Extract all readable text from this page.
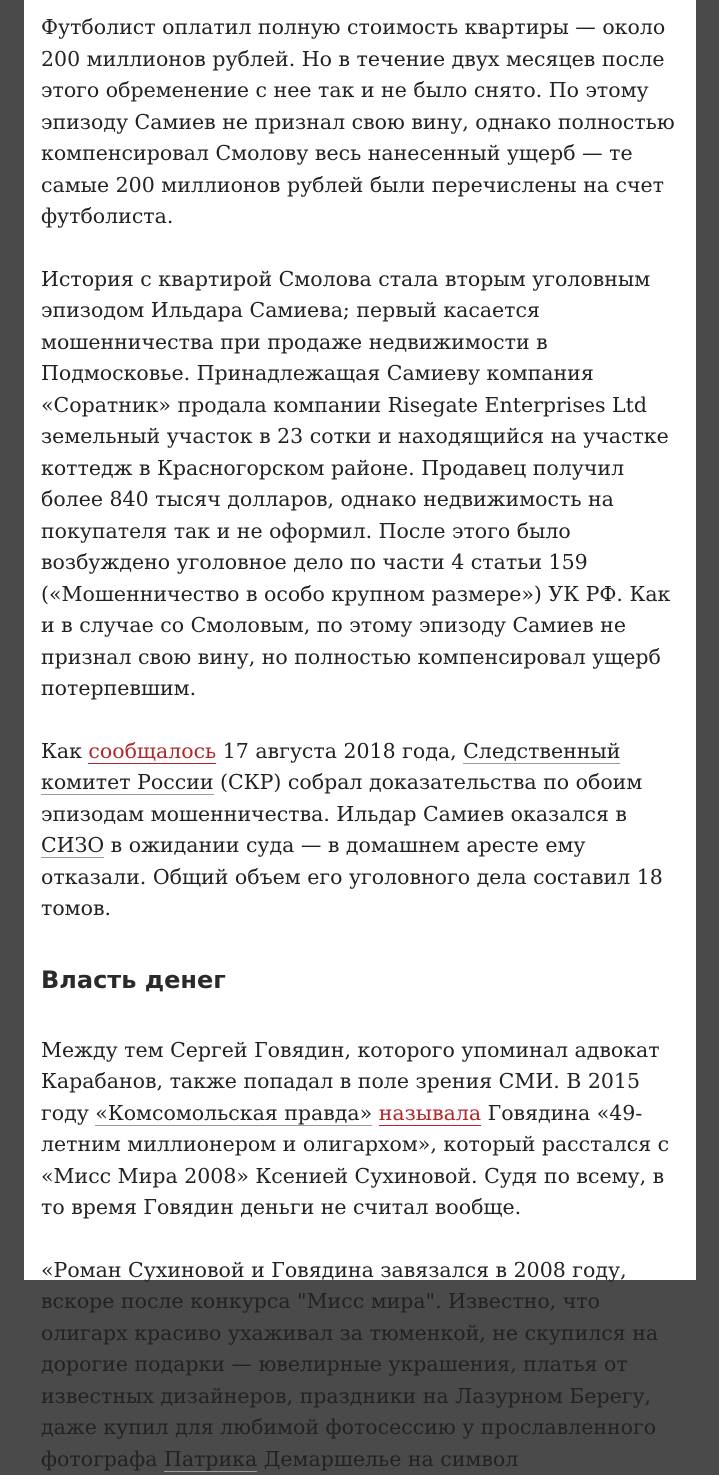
Футболист оплатил полную стоимость квартиры — около 200 миллионов рублей. Но в течение двух месяцев после этого обременение с нее так и не было снято. По этому эпизоду Самиев не признал свою вину, однако полностью компенсировал Смолову весь нанесенный ущерб — те самые 200 миллионов рублей были перечислены на счет футболиста.

История с квартирой Смолова стала вторым уголовным эпизодом Ильдара Самиева; первый касается мошенничества при продаже недвижимости в Подмосковье. Принадлежащая Самиеву компания «Соратник» продала компании Risegate Enterprises Ltd земельный участок в 23 сотки и находящийся на участке коттедж в Красногорском районе. Продавец получил более 840 тысяч долларов, однако недвижимость на покупателя так и не оформил. После этого было возбуждено уголовное дело по части 4 статьи 159 («Мошенничество в особо крупном размере») УК РФ. Как и в случае со Смоловым, по этому эпизоду Самиев не признал свою вину, но полностью компенсировал ущерб потерпевшим.

Как сообщалось 17 августа 2018 года, Следственный комитет России (СКР) собрал доказательства по обоим эпизодам мошенничества. Ильдар Самиев оказался в СИЗО в ожидании суда — в домашнем аресте ему отказали. Общий объем его уголовного дела составил 18 томов.

Власть денег

Между тем Сергей Говядин, которого упоминал адвокат Карабанов, также попадал в поле зрения СМИ. В 2015 году «Комсомольская правда» называла Говядина «49-летним миллионером и олигархом», который расстался с «Мисс Мира 2008» Ксенией Сухиновой. Судя по всему, в то время Говядин деньги не считал вообще.

«Роман Сухиновой и Говядина завязался в 2008 году, вскоре после конкурса "Мисс мира". Известно, что олигарх красиво ухаживал за тюменкой, не скупился на дорогие подарки — ювелирные украшения, платья от известных дизайнеров, праздники на Лазурном Берегу, даже купил для любимой фотосессию у прославленного фотографа Патрика Демаршелье на символ
